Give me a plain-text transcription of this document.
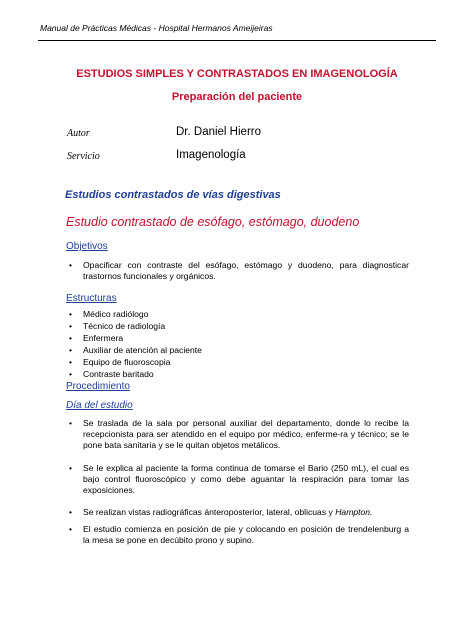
Manual de Prácticas Médicas - Hospital Hermanos Ameijeiras
ESTUDIOS SIMPLES Y CONTRASTADOS EN IMAGENOLOGÍA
Preparación del paciente
Autor	Dr. Daniel Hierro
Servicio	Imagenología
Estudios contrastados de vías digestivas
Estudio contrastado de esófago, estómago, duodeno
Objetivos
• Opacificar con contraste del esófago, estómago y duodeno, para diagnosticar trastornos funcionales y orgánicos.
Estructuras
• Médico radiólogo
• Técnico de radiología
• Enfermera
• Auxiliar de atención al paciente
• Equipo de fluoroscopia
• Contraste baritado
Procedimiento
Día del estudio
• Se traslada de la sala por personal auxiliar del departamento, donde lo recibe la recepcionista para ser atendido en el equipo por médico, enferme-ra y técnico; se le pone bata sanitaria y se le quitan objetos metálicos.
• Se le explica al paciente la forma continua de tomarse el Bario (250 mL), el cual es bajo control fluoroscópico y como debe aguantar la respiración para tomar las exposiciones.
• Se realizan vistas radiográficas ánteroposterior, lateral, oblicuas y Hampton.
• El estudio comienza en posición de pie y colocando en posición de trendelenburg a la mesa se pone en decúbito prono y supino.
